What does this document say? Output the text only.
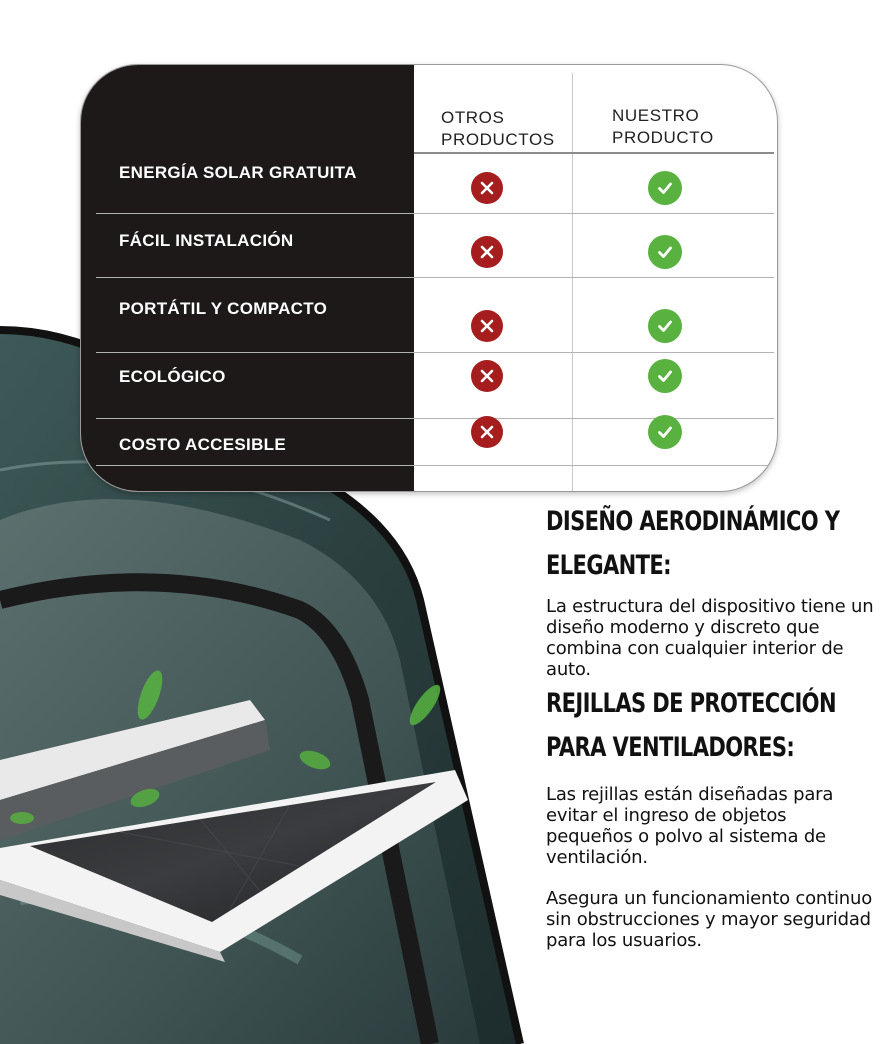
OTROS
PRODUCTOS
NUESTRO
PRODUCTO
ENERGÍA SOLAR GRATUITA
FÁCIL INSTALACIÓN
PORTÁTIL Y COMPACTO
ECOLÓGICO
COSTO ACCESIBLE
DISEÑO AERODINÁMICO Y ELEGANTE:

La estructura del dispositivo tiene un diseño moderno y discreto que combina con cualquier interior de auto.

REJILLAS DE PROTECCIÓN PARA VENTILADORES:

Las rejillas están diseñadas para evitar el ingreso de objetos pequeños o polvo al sistema de ventilación.

Asegura un funcionamiento continuo sin obstrucciones y mayor seguridad para los usuarios.
